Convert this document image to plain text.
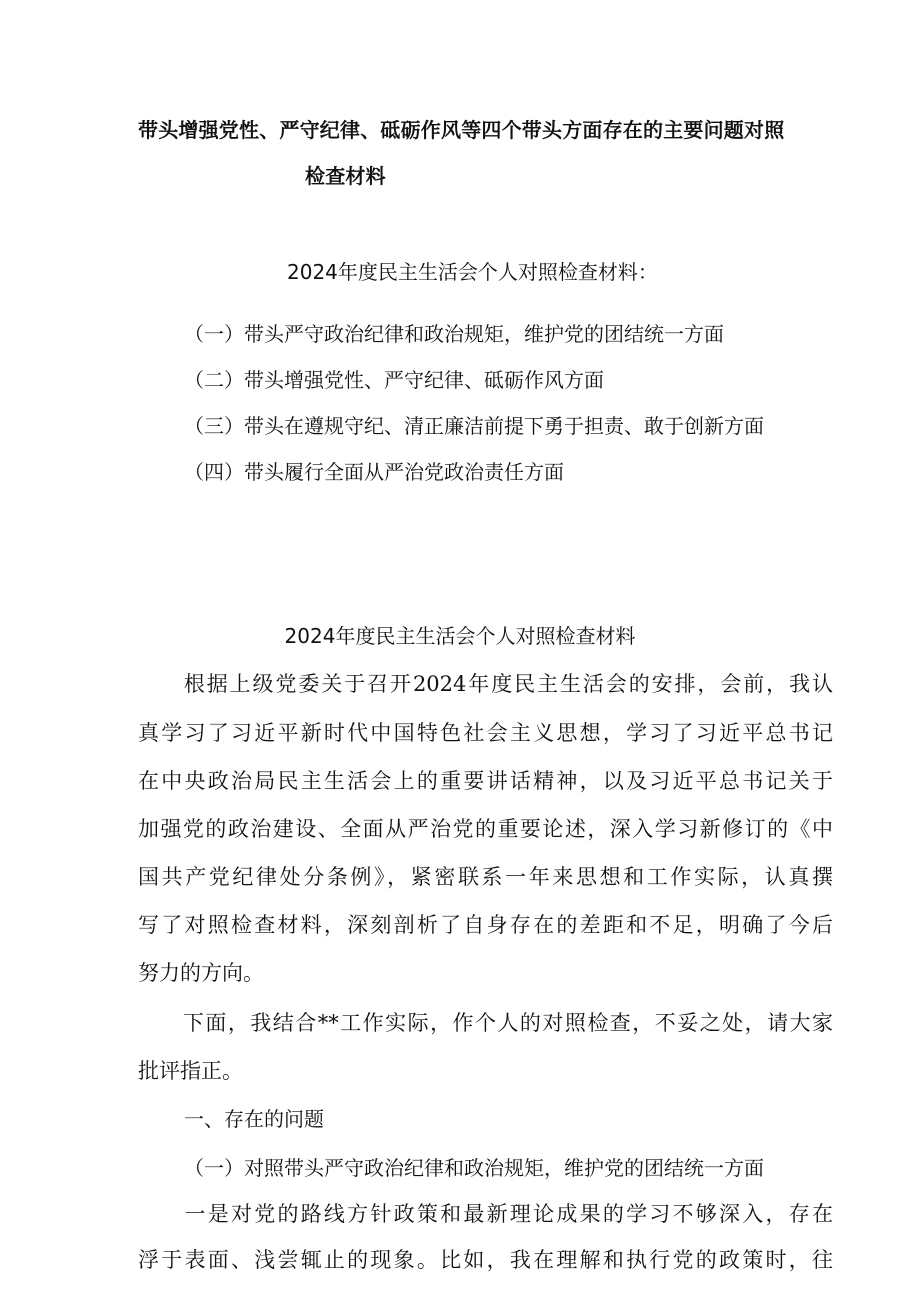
带头增强党性、严守纪律、砥砺作风等四个带头方面存在的主要问题对照
检查材料
2024年度民主生活会个人对照检查材料：
（一）带头严守政治纪律和政治规矩，维护党的团结统一方面
（二）带头增强党性、严守纪律、砥砺作风方面
（三）带头在遵规守纪、清正廉洁前提下勇于担责、敢于创新方面
（四）带头履行全面从严治党政治责任方面
2024年度民主生活会个人对照检查材料
　　根据上级党委关于召开2024年度民主生活会的安排，会前，我认
真学习了习近平新时代中国特色社会主义思想，学习了习近平总书记
在中央政治局民主生活会上的重要讲话精神，以及习近平总书记关于
加强党的政治建设、全面从严治党的重要论述，深入学习新修订的《中
国共产党纪律处分条例》，紧密联系一年来思想和工作实际，认真撰
写了对照检查材料，深刻剖析了自身存在的差距和不足，明确了今后
努力的方向。
　　下面，我结合**工作实际，作个人的对照检查，不妥之处，请大家
批评指正。
一、存在的问题
（一）对照带头严守政治纪律和政治规矩，维护党的团结统一方面
　　一是对党的路线方针政策和最新理论成果的学习不够深入，存在
浮于表面、浅尝辄止的现象。比如，我在理解和执行党的政策时，往
